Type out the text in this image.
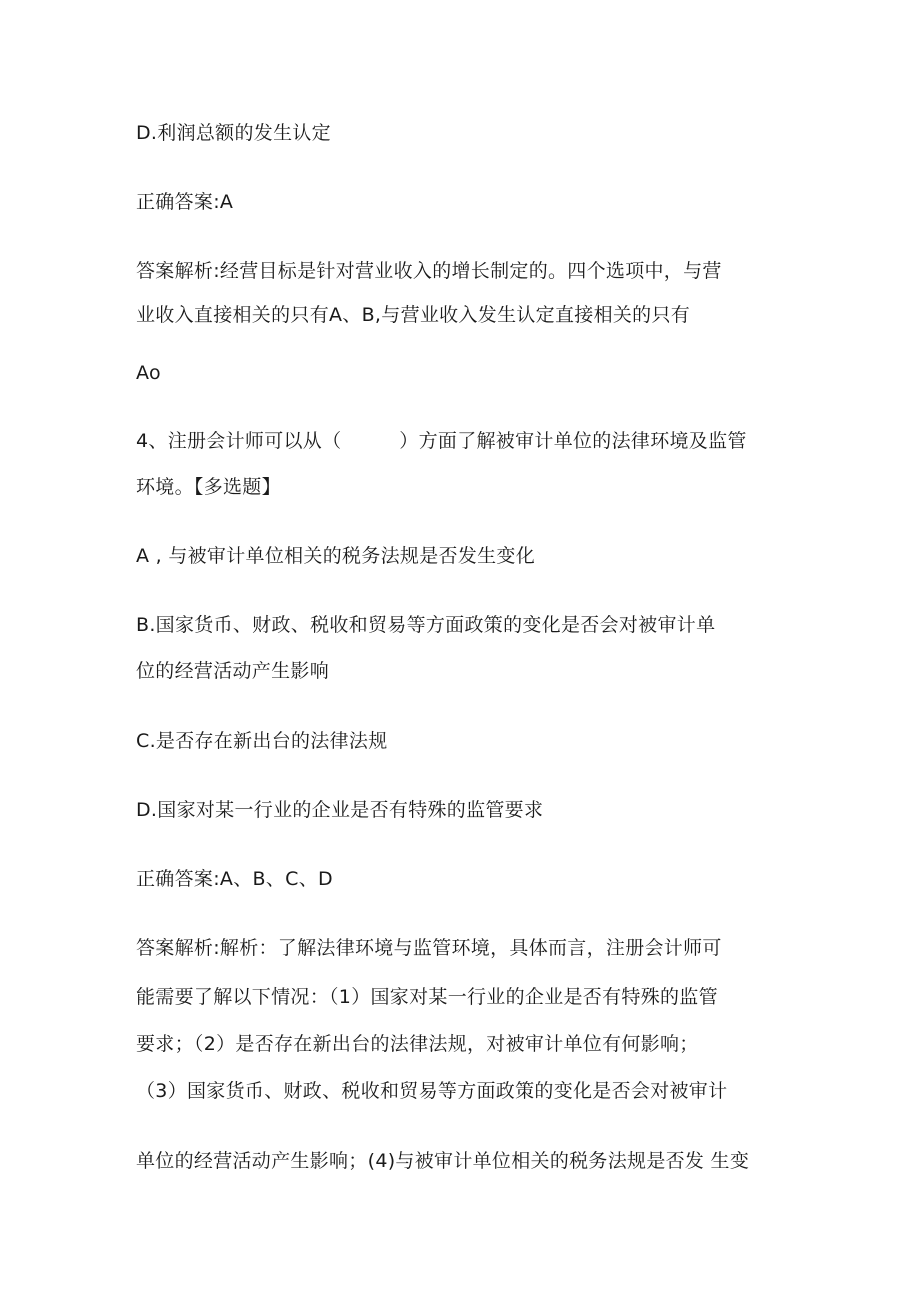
D.利润总额的发生认定
正确答案:A
答案解析:经营目标是针对营业收入的增长制定的。四个选项中，与营
业收入直接相关的只有A、B,与营业收入发生认定直接相关的只有
Ao
4、注册会计师可以从（　　　）方面了解被审计单位的法律环境及监管
环境。【多选题】
A , 与被审计单位相关的税务法规是否发生变化
B.国家货币、财政、税收和贸易等方面政策的变化是否会对被审计单
位的经营活动产生影响
C.是否存在新出台的法律法规
D.国家对某一行业的企业是否有特殊的监管要求
正确答案:A、B、C、D
答案解析:解析：了解法律环境与监管环境，具体而言，注册会计师可
能需要了解以下情况：（1）国家对某一行业的企业是否有特殊的监管
要求；（2）是否存在新出台的法律法规，对被审计单位有何影响；
（3）国家货币、财政、税收和贸易等方面政策的变化是否会对被审计
单位的经营活动产生影响；(4)与被审计单位相关的税务法规是否发 生变
